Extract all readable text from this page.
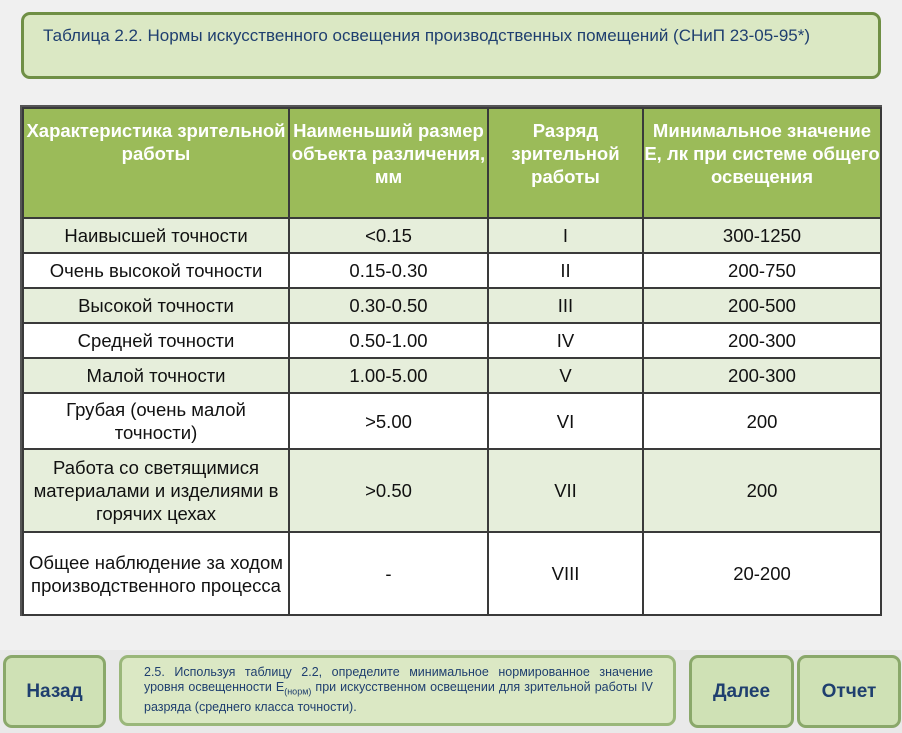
Таблица 2.2. Нормы искусственного освещения производственных помещений (СНиП 23-05-95*)
Характеристика зрительной работы	Наименьший размер объекта различения, мм	Разряд зрительной работы	Минимальное значение Е, лк при системе общего освещения
Наивысшей точности	<0.15	I	300-1250
Очень высокой точности	0.15-0.30	II	200-750
Высокой точности	0.30-0.50	III	200-500
Средней точности	0.50-1.00	IV	200-300
Малой точности	1.00-5.00	V	200-300
Грубая (очень малой точности)	>5.00	VI	200
Работа со светящимися материалами и изделиями в горячих цехах	>0.50	VII	200
Общее наблюдение за ходом производственного процесса	-	VIII	20-200
Назад
2.5. Используя таблицу 2.2, определите минимальное нормированное значение уровня освещенности $Е_{(норм)}$ при искусственном освещении для зрительной работы IV разряда (среднего класса точности).
Далее	Отчет
